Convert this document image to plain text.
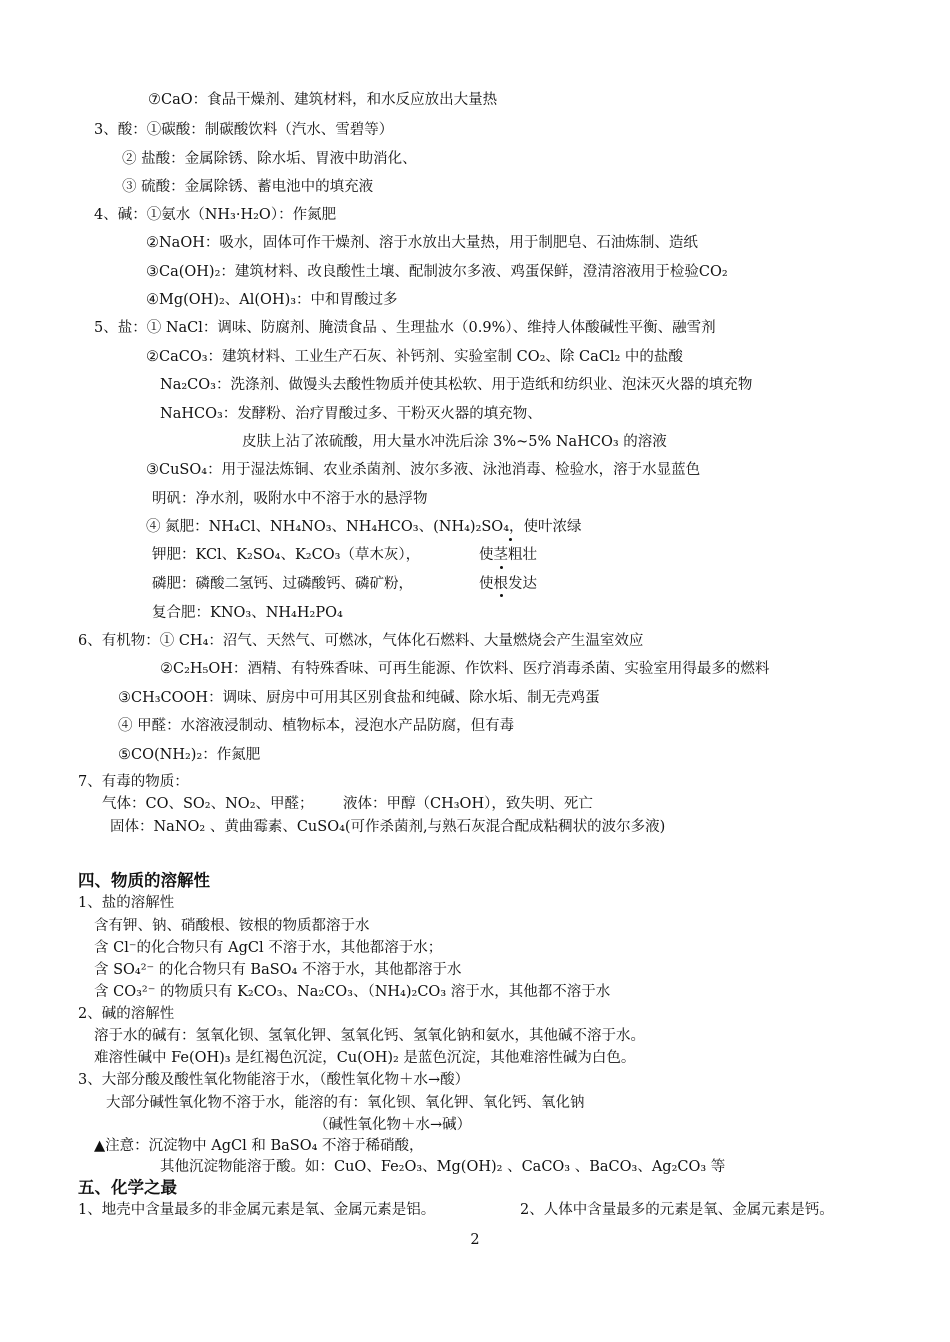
⑦CaO：食品干燥剂、建筑材料，和水反应放出大量热
3、酸：①碳酸：制碳酸饮料（汽水、雪碧等）
② 盐酸：金属除锈、除水垢、胃液中助消化、
③ 硫酸：金属除锈、蓄电池中的填充液
4、碱：①氨水（NH₃·H₂O）：作氮肥
②NaOH：吸水，固体可作干燥剂、溶于水放出大量热，用于制肥皂、石油炼制、造纸
③Ca(OH)₂：建筑材料、改良酸性土壤、配制波尔多液、鸡蛋保鲜，澄清溶液用于检验CO₂
④Mg(OH)₂、Al(OH)₃：中和胃酸过多
5、盐：① NaCl：调味、防腐剂、腌渍食品 、生理盐水（0.9%）、维持人体酸碱性平衡、融雪剂
②CaCO₃：建筑材料、工业生产石灰、补钙剂、实验室制 CO₂、除 CaCl₂ 中的盐酸
Na₂CO₃：洗涤剂、做馒头去酸性物质并使其松软、用于造纸和纺织业、泡沫灭火器的填充物
NaHCO₃：发酵粉、治疗胃酸过多、干粉灭火器的填充物、
皮肤上沾了浓硫酸，用大量水冲洗后涂 3%~5% NaHCO₃ 的溶液
③CuSO₄：用于湿法炼铜、农业杀菌剂、波尔多液、泳池消毒、检验水，溶于水显蓝色
明矾：净水剂，吸附水中不溶于水的悬浮物
④ 氮肥：NH₄Cl、NH₄NO₃、NH₄HCO₃、(NH₄)₂SO₄，使叶浓绿
钾肥：KCl、K₂SO₄、K₂CO₃（草木灰），	使茎粗壮
磷肥：磷酸二氢钙、过磷酸钙、磷矿粉，	使根发达
复合肥：KNO₃、NH₄H₂PO₄
6、有机物：① CH₄：沼气、天然气、可燃冰，气体化石燃料、大量燃烧会产生温室效应
②C₂H₅OH：酒精、有特殊香味、可再生能源、作饮料、医疗消毒杀菌、实验室用得最多的燃料
③CH₃COOH：调味、厨房中可用其区别食盐和纯碱、除水垢、制无壳鸡蛋
④ 甲醛：水溶液浸制动、植物标本，浸泡水产品防腐，但有毒
⑤CO(NH₂)₂：作氮肥
7、有毒的物质：
气体：CO、SO₂、NO₂、甲醛； 液体：甲醇（CH₃OH），致失明、死亡
固体：NaNO₂ 、黄曲霉素、CuSO₄(可作杀菌剂,与熟石灰混合配成粘稠状的波尔多液)
四、物质的溶解性
1、盐的溶解性
含有钾、钠、硝酸根、铵根的物质都溶于水
含 Cl⁻的化合物只有 AgCl 不溶于水，其他都溶于水；
含 SO₄²⁻ 的化合物只有 BaSO₄ 不溶于水，其他都溶于水
含 CO₃²⁻ 的物质只有 K₂CO₃、Na₂CO₃、（NH₄)₂CO₃ 溶于水，其他都不溶于水
2、碱的溶解性
溶于水的碱有：氢氧化钡、氢氧化钾、氢氧化钙、氢氧化钠和氨水，其他碱不溶于水。
难溶性碱中 Fe(OH)₃ 是红褐色沉淀，Cu(OH)₂ 是蓝色沉淀，其他难溶性碱为白色。
3、大部分酸及酸性氧化物能溶于水，（酸性氧化物＋水→酸）
大部分碱性氧化物不溶于水，能溶的有：氧化钡、氧化钾、氧化钙、氧化钠
（碱性氧化物＋水→碱）
▲注意：沉淀物中 AgCl 和 BaSO₄ 不溶于稀硝酸，
其他沉淀物能溶于酸。如：CuO、Fe₂O₃、Mg(OH)₂ 、CaCO₃ 、BaCO₃、Ag₂CO₃ 等
五、化学之最
1、地壳中含量最多的非金属元素是氧、金属元素是铝。	2、人体中含量最多的元素是氧、金属元素是钙。
2
